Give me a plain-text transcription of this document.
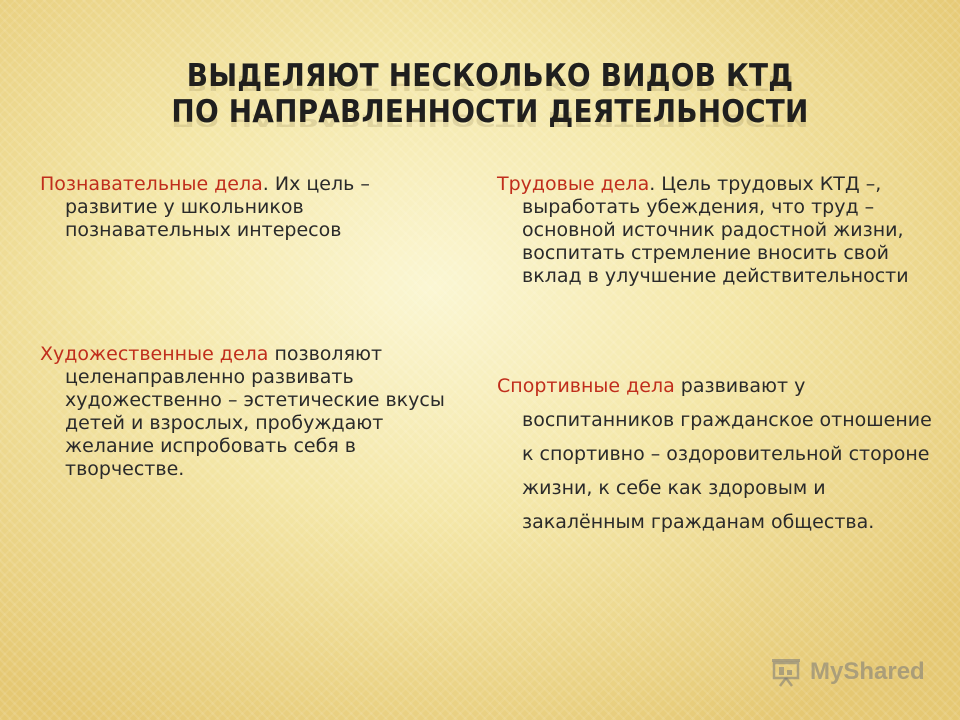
ВЫДЕЛЯЮТ НЕСКОЛЬКО ВИДОВ КТД ВЫДЕЛЯЮТ НЕСКОЛЬКО ВИДОВ КТД
ПО НАПРАВЛЕННОСТИ ДЕЯТЕЛЬНОСТИ ПО НАПРАВЛЕННОСТИ ДЕЯТЕЛЬНОСТИ

Познавательные дела. Их цель – развитие у школьников познавательных интересов

Художественные дела позволяют целенаправленно развивать художественно – эстетические вкусы детей и взрослых, пробуждают желание испробовать себя в творчестве.

Трудовые дела. Цель трудовых КТД –, выработать убеждения, что труд – основной источник радостной жизни, воспитать стремление вносить свой вклад в улучшение действительности

Спортивные дела развивают у воспитанников гражданское отношение к спортивно – оздоровительной стороне жизни, к себе как здоровым и закалённым гражданам общества.

MyShared
